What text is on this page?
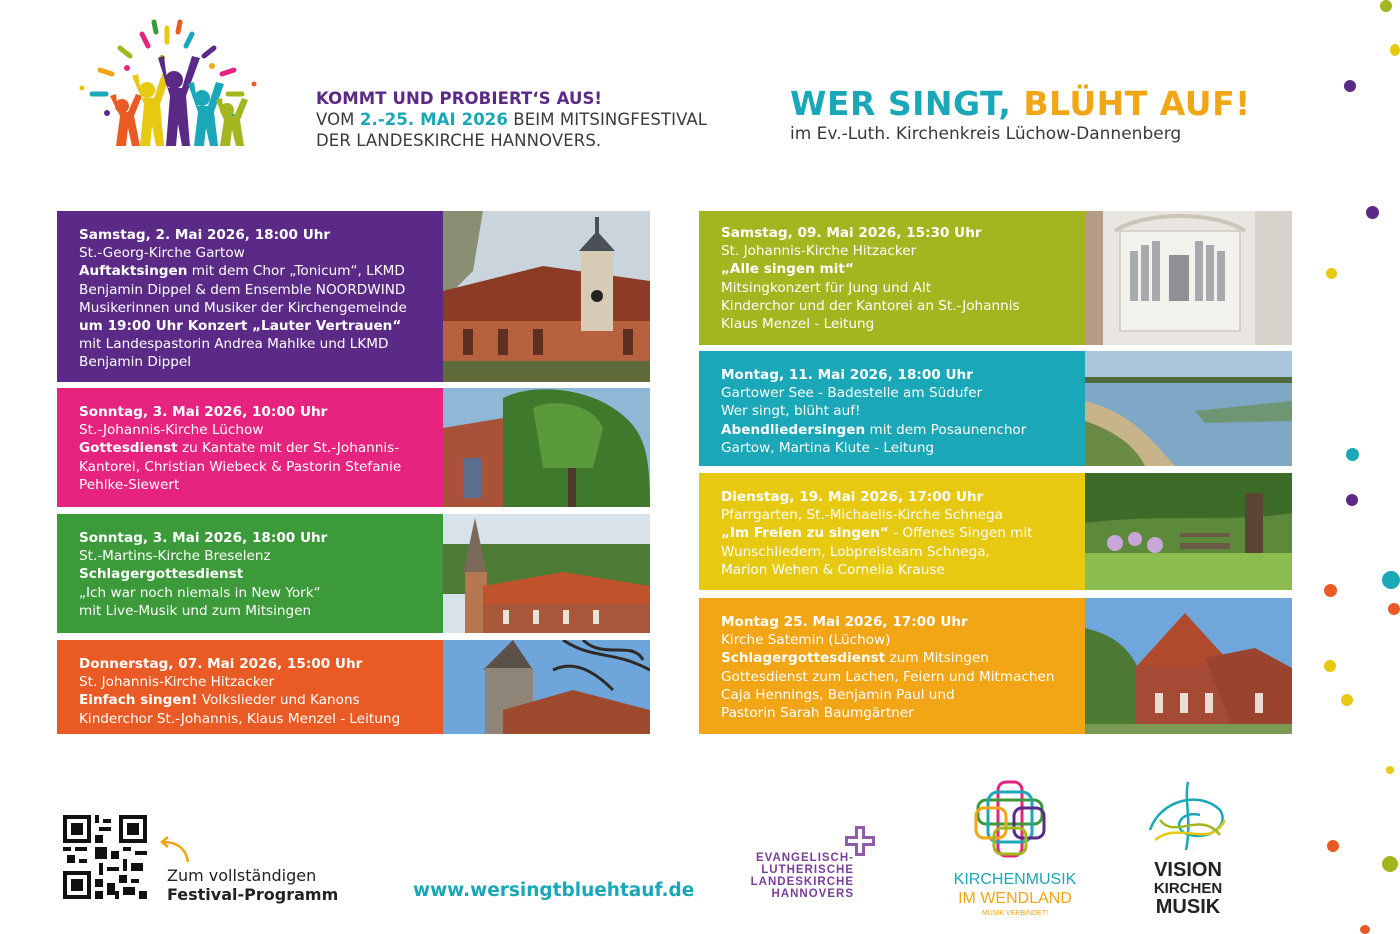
KOMMT UND PROBIERT‘S AUS!
VOM 2.-25. MAI 2026 BEIM MITSINGFESTIVAL
DER LANDESKIRCHE HANNOVERS.
WER SINGT, BLÜHT AUF!
im Ev.-Luth. Kirchenkreis Lüchow-Dannenberg
Samstag, 2. Mai 2026, 18:00 Uhr
St.-Georg-Kirche Gartow
Auftaktsingen mit dem Chor „Tonicum“, LKMD
Benjamin Dippel & dem Ensemble NOORDWIND
Musikerinnen und Musiker der Kirchengemeinde
um 19:00 Uhr Konzert „Lauter Vertrauen“
mit Landespastorin Andrea Mahlke und LKMD
Benjamin Dippel
Sonntag, 3. Mai 2026, 10:00 Uhr
St.-Johannis-Kirche Lüchow
Gottesdienst zu Kantate mit der St.-Johannis-
Kantorei, Christian Wiebeck & Pastorin Stefanie
Pehlke-Siewert
Sonntag, 3. Mai 2026, 18:00 Uhr
St.-Martins-Kirche Breselenz
Schlagergottesdienst
„Ich war noch niemals in New York“
mit Live-Musik und zum Mitsingen
Donnerstag, 07. Mai 2026, 15:00 Uhr
St. Johannis-Kirche Hitzacker
Einfach singen! Volkslieder und Kanons
Kinderchor St.-Johannis, Klaus Menzel - Leitung
Samstag, 09. Mai 2026, 15:30 Uhr
St. Johannis-Kirche Hitzacker
„Alle singen mit“
Mitsingkonzert für Jung und Alt
Kinderchor und der Kantorei an St.-Johannis
Klaus Menzel - Leitung
Montag, 11. Mai 2026, 18:00 Uhr
Gartower See - Badestelle am Südufer
Wer singt, blüht auf!
Abendliedersingen mit dem Posaunenchor
Gartow, Martina Klute - Leitung
Dienstag, 19. Mai 2026, 17:00 Uhr
Pfarrgarten, St.-Michaelis-Kirche Schnega
„Im Freien zu singen“ - Offenes Singen mit
Wunschliedern, Lobpreisteam Schnega,
Marion Wehen & Cornelia Krause
Montag 25. Mai 2026, 17:00 Uhr
Kirche Satemin (Lüchow)
Schlagergottesdienst zum Mitsingen
Gottesdienst zum Lachen, Feiern und Mitmachen
Caja Hennings, Benjamin Paul und
Pastorin Sarah Baumgärtner
Zum vollständigen
Festival-Programm	www.wersingtbluehtauf.de
EVANGELISCH-
LUTHERISCHE
LANDESKIRCHE
HANNOVERS
KIRCHENMUSIK
IM WENDLAND
MUSIK VERBINDET!
VISION
KIRCHEN
MUSIK
